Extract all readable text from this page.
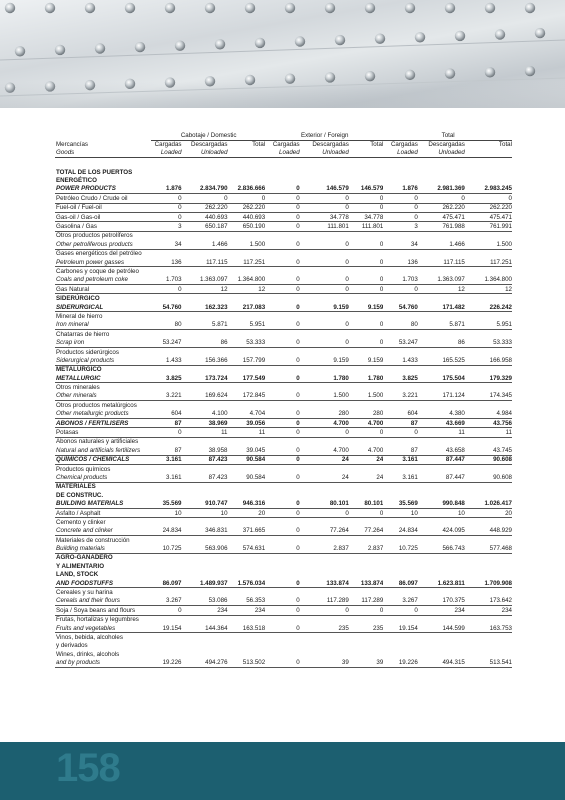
	Cabotaje / Domestic			Exterior / Foreign			Total		
Mercancías	Cargadas	Descargadas	Total	Cargadas	Descargadas	Total	Cargadas	Descargadas	Total
Goods	Loaded	Unloaded		Loaded	Unloaded		Loaded	Unloaded	

TOTAL DE LOS PUERTOS									
ENERGÉTICO									
POWER PRODUCTS	1.876	2.834.790	2.836.666	0	146.579	146.579	1.876	2.981.369	2.983.245
Petróleo Crudo / Crude oil	0	0	0	0	0	0	0	0	0
Fuel-oil / Fuel-oil	0	262.220	262.220	0	0	0	0	262.220	262.220
Gas-oil / Gas-oil	0	440.693	440.693	0	34.778	34.778	0	475.471	475.471
Gasolina / Gas	3	650.187	650.190	0	111.801	111.801	3	761.988	761.991
Otros productos petrolíferos									
Other petroliferous products	34	1.466	1.500	0	0	0	34	1.466	1.500
Gases energéticos del petróleo									
Petroleum power gasses	136	117.115	117.251	0	0	0	136	117.115	117.251
Carbones y coque de petróleo									
Coals and petroleum coke	1.703	1.363.097	1.364.800	0	0	0	1.703	1.363.097	1.364.800
Gas Natural	0	12	12	0	0	0	0	12	12
SIDERÚRGICO									
SIDERURGICAL	54.760	162.323	217.083	0	9.159	9.159	54.760	171.482	226.242
Mineral de hierro									
Iron mineral	80	5.871	5.951	0	0	0	80	5.871	5.951
Chatarras de hierro									
Scrap iron	53.247	86	53.333	0	0	0	53.247	86	53.333
Productos siderúrgicos									
Siderurgical products	1.433	156.366	157.799	0	9.159	9.159	1.433	165.525	166.958
METALÚRGICO									
METALLURGIC	3.825	173.724	177.549	0	1.780	1.780	3.825	175.504	179.329
Otros minerales									
Other minerals	3.221	169.624	172.845	0	1.500	1.500	3.221	171.124	174.345
Otros productos metalúrgicos									
Other metallurgic products	604	4.100	4.704	0	280	280	604	4.380	4.984
ABONOS / FERTILISERS	87	38.969	39.056	0	4.700	4.700	87	43.669	43.756
Potasas	0	11	11	0	0	0	0	11	11
Abonos naturales y artificiales									
Natural and artificials fertilizers	87	38.958	39.045	0	4.700	4.700	87	43.658	43.745
QUÍMICOS / CHEMICALS	3.161	87.423	90.584	0	24	24	3.161	87.447	90.608
Productos químicos									
Chemical products	3.161	87.423	90.584	0	24	24	3.161	87.447	90.608
MATERIALES									
DE CONSTRUC.									
BUILDING MATERIALS	35.569	910.747	946.316	0	80.101	80.101	35.569	990.848	1.026.417
Asfalto / Asphalt	10	10	20	0	0	0	10	10	20
Cemento y clinker									
Concrete and clinker	24.834	346.831	371.665	0	77.264	77.264	24.834	424.095	448.929
Materiales de construcción									
Building materials	10.725	563.906	574.631	0	2.837	2.837	10.725	566.743	577.468
AGRO-GANADERO									
Y ALIMENTARIO									
LAND, STOCK									
AND FOODSTUFFS	86.097	1.489.937	1.576.034	0	133.874	133.874	86.097	1.623.811	1.709.908
Cereales y su harina									
Cereals and their flours	3.267	53.086	56.353	0	117.289	117.289	3.267	170.375	173.642
Soja / Soya beans and flours	0	234	234	0	0	0	0	234	234
Frutas, hortalizas y legumbres									
Fruits and vegetables	19.154	144.364	163.518	0	235	235	19.154	144.599	163.753
Vinos, bebida, alcoholes									
y derivados									
Wines, drinks, alcohols									
and by products	19.226	494.276	513.502	0	39	39	19.226	494.315	513.541
158
